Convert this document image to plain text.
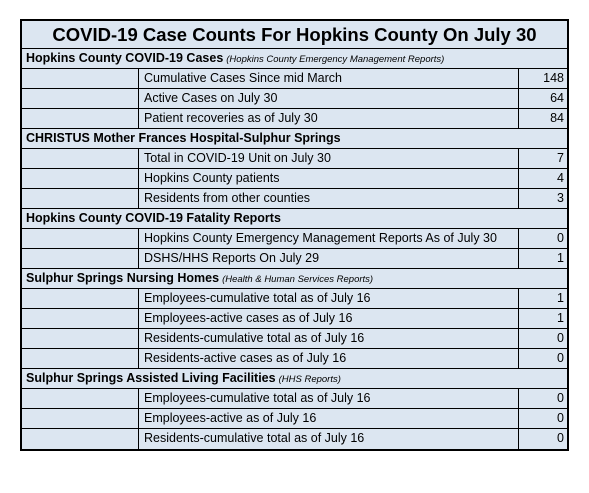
COVID-19 Case Counts For Hopkins County On July 30
Hopkins County COVID-19 Cases (Hopkins County Emergency Management Reports)
Cumulative Cases Since mid March	148
Active Cases on July 30	64
Patient recoveries as of July 30	84
CHRISTUS Mother Frances Hospital-Sulphur Springs
Total in COVID-19 Unit on July 30	7
Hopkins County patients	4
Residents from other counties	3
Hopkins County COVID-19 Fatality Reports
Hopkins County Emergency Management Reports As of July 30	0
DSHS/HHS Reports On July 29	1
Sulphur Springs Nursing Homes (Health & Human Services Reports)
Employees-cumulative total as of July 16	1
Employees-active cases as of July 16	1
Residents-cumulative total as of July 16	0
Residents-active cases as of July 16	0
Sulphur Springs Assisted Living Facilities (HHS Reports)
Employees-cumulative total as of July 16	0
Employees-active as of July 16	0
Residents-cumulative total as of July 16	0
